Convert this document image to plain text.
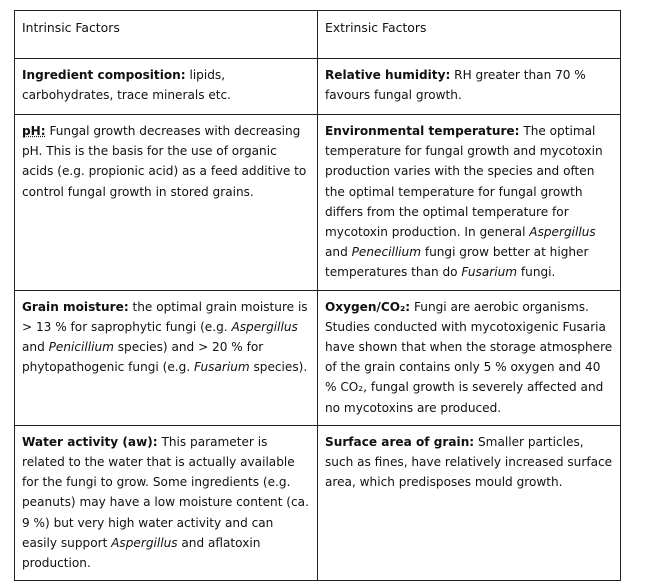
Intrinsic Factors	Extrinsic Factors
Ingredient composition: lipids, carbohydrates, trace minerals etc.	Relative humidity: RH greater than 70 % favours fungal growth.
pH: Fungal growth decreases with decreasing pH. This is the basis for the use of organic acids (e.g. propionic acid) as a feed additive to control fungal growth in stored grains.	Environmental temperature: The optimal temperature for fungal growth and mycotoxin production varies with the species and often the optimal temperature for fungal growth differs from the optimal temperature for mycotoxin production. In general Aspergillus and Penecillium fungi grow better at higher temperatures than do Fusarium fungi.
Grain moisture: the optimal grain moisture is > 13 % for saprophytic fungi (e.g. Aspergillus and Penicillium species) and > 20 % for phytopathogenic fungi (e.g. Fusarium species).	Oxygen/CO₂: Fungi are aerobic organisms. Studies conducted with mycotoxigenic Fusaria have shown that when the storage atmosphere of the grain contains only 5 % oxygen and 40 % CO₂, fungal growth is severely affected and no mycotoxins are produced.
Water activity (aᴡ): This parameter is related to the water that is actually available for the fungi to grow. Some ingredients (e.g. peanuts) may have a low moisture content (ca. 9 %) but very high water activity and can easily support Aspergillus and aflatoxin production.	Surface area of grain: Smaller particles, such as fines, have relatively increased surface area, which predisposes mould growth.
